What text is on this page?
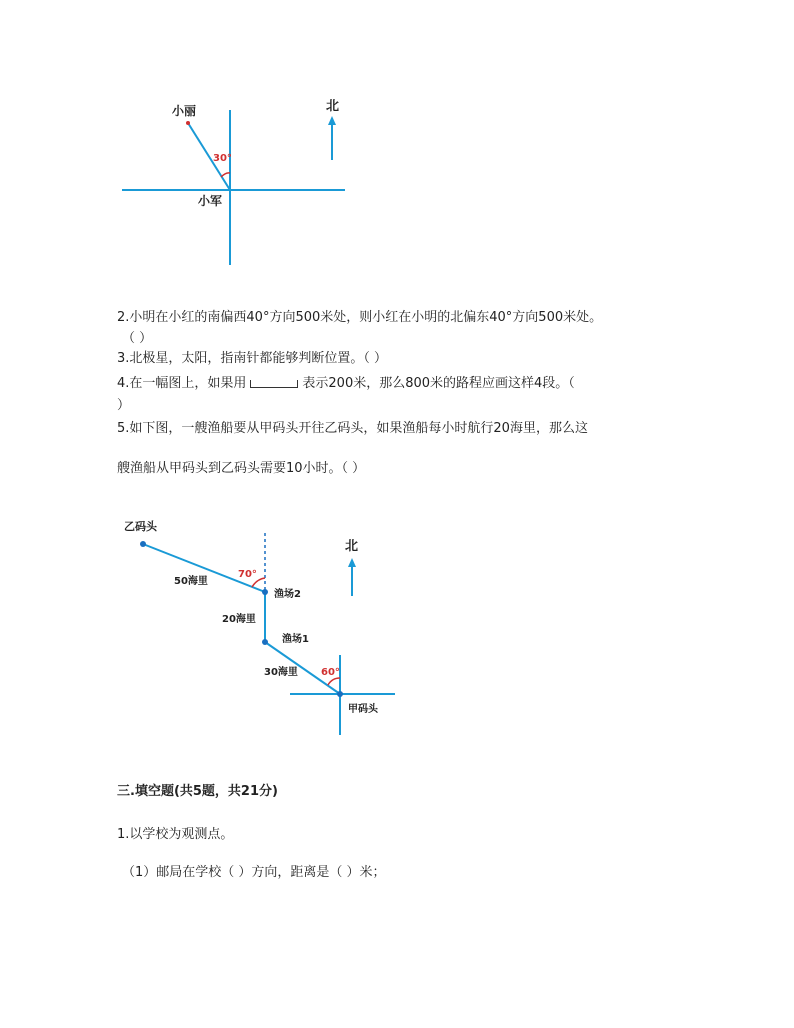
小丽
30°
小军
北
2.小明在小红的南偏西40°方向500米处，则小红在小明的北偏东40°方向500米处。
（ ）
3.北极星，太阳，指南针都能够判断位置。（ ）
4.在一幅图上，如果用	表示200米，那么800米的路程应画这样4段。（
）
5.如下图，一艘渔船要从甲码头开往乙码头，如果渔船每小时航行20海里，那么这
艘渔船从甲码头到乙码头需要10小时。（ ）
乙码头
50海里
70°
渔场2
20海里
渔场1
30海里 60°
甲码头
北
三.填空题(共5题，共21分)
1.以学校为观测点。
（1）邮局在学校（ ）方向，距离是（ ）米；
